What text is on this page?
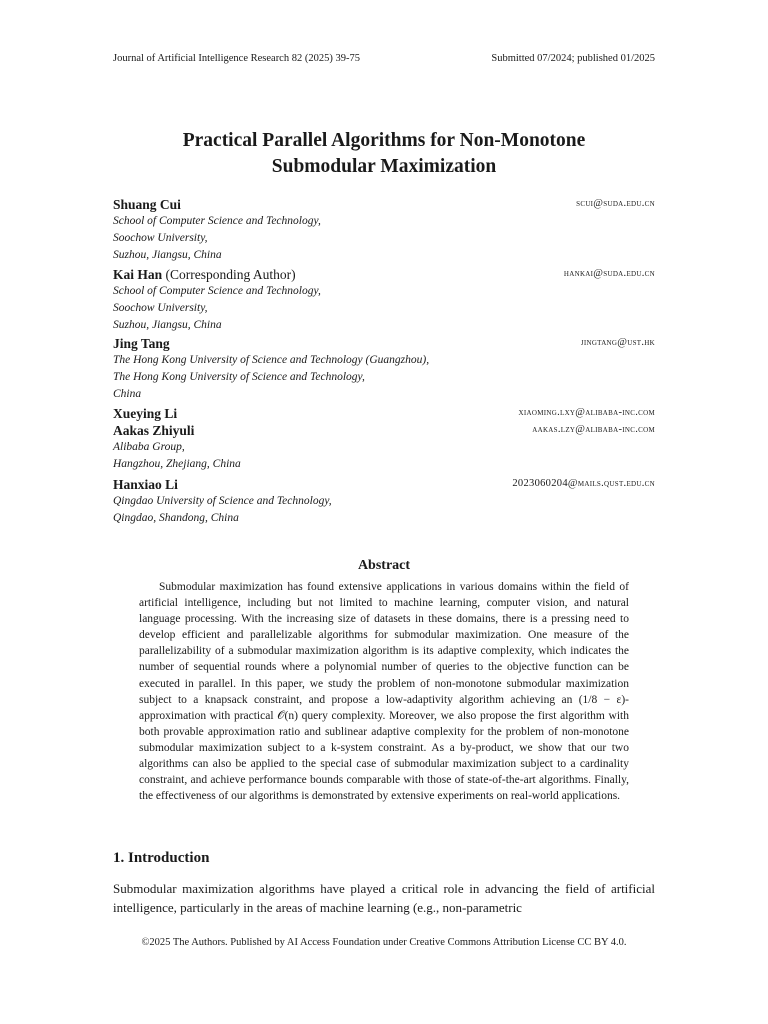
Journal of Artificial Intelligence Research 82 (2025) 39-75	Submitted 07/2024; published 01/2025
Practical Parallel Algorithms for Non-Monotone
Submodular Maximization
Shuang Cui	scui@suda.edu.cn
School of Computer Science and Technology,
Soochow University,
Suzhou, Jiangsu, China
Kai Han (Corresponding Author)	hankai@suda.edu.cn
School of Computer Science and Technology,
Soochow University,
Suzhou, Jiangsu, China
Jing Tang	jingtang@ust.hk
The Hong Kong University of Science and Technology (Guangzhou),
The Hong Kong University of Science and Technology,
China
Xueying Li	xiaoming.lxy@alibaba-inc.com
Aakas Zhiyuli	aakas.lzy@alibaba-inc.com
Alibaba Group,
Hangzhou, Zhejiang, China
Hanxiao Li	2023060204@mails.qust.edu.cn
Qingdao University of Science and Technology,
Qingdao, Shandong, China
Abstract
Submodular maximization has found extensive applications in various domains within the field of artificial intelligence, including but not limited to machine learning, computer vision, and natural language processing. With the increasing size of datasets in these domains, there is a pressing need to develop efficient and parallelizable algorithms for submodular maximization. One measure of the parallelizability of a submodular maximization algorithm is its adaptive complexity, which indicates the number of sequential rounds where a polynomial number of queries to the objective function can be executed in parallel. In this paper, we study the problem of non-monotone submodular maximization subject to a knapsack constraint, and propose a low-adaptivity algorithm achieving an (1/8 − ε)-approximation with practical 𝒪(n) query complexity. Moreover, we also propose the first algorithm with both provable approximation ratio and sublinear adaptive complexity for the problem of non-monotone submodular maximization subject to a k-system constraint. As a by-product, we show that our two algorithms can also be applied to the special case of submodular maximization subject to a cardinality constraint, and achieve performance bounds comparable with those of state-of-the-art algorithms. Finally, the effectiveness of our algorithms is demonstrated by extensive experiments on real-world applications.
1. Introduction
Submodular maximization algorithms have played a critical role in advancing the field of artificial intelligence, particularly in the areas of machine learning (e.g., non-parametric
©2025 The Authors. Published by AI Access Foundation under Creative Commons Attribution License CC BY 4.0.
